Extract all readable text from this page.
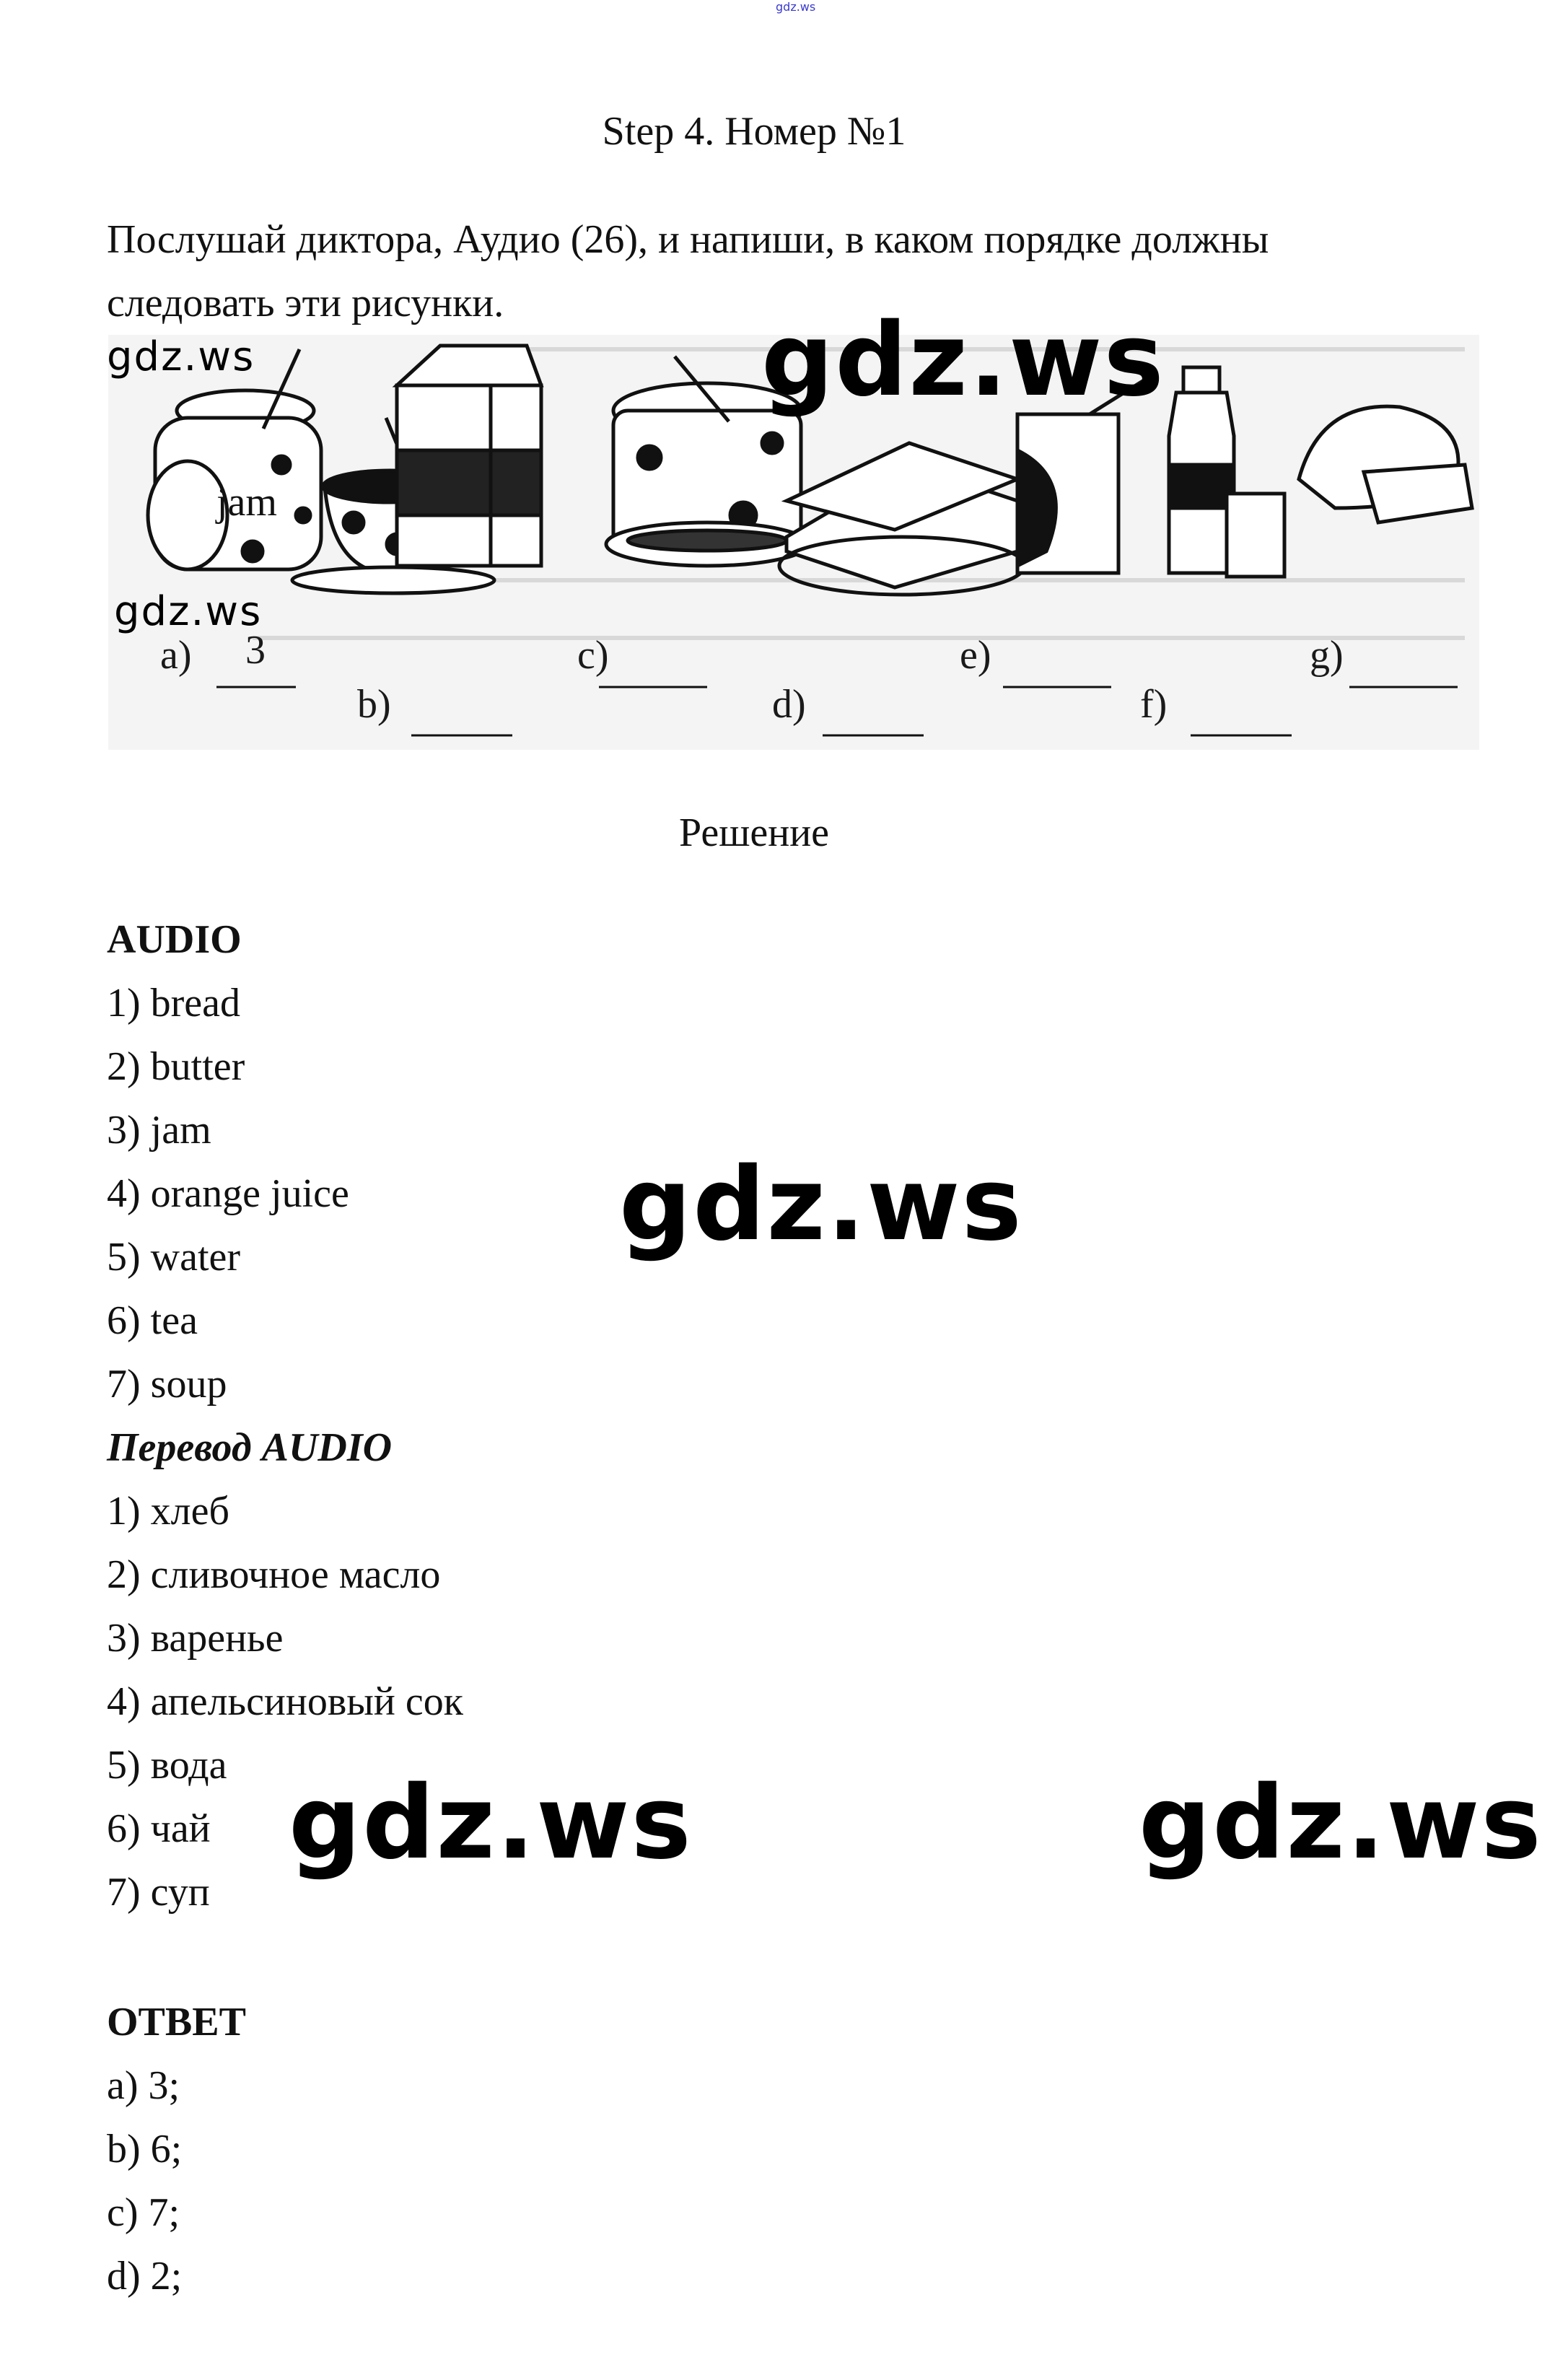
gdz.ws
Step 4. Номер №1
Послушай диктора, Аудио (26), и напиши, в каком порядке должны
следовать эти рисунки.
jam
a) 3	c)	e)	g)
b)	d)	f)
Решение
AUDIO
1) bread
2) butter
3) jam
4) orange juice
5) water
6) tea
7) soup
Перевод AUDIO
1) хлеб
2) сливочное масло
3) варенье
4) апельсиновый сок
5) вода
6) чай
7) суп
ОТВЕТ
a) 3;
b) 6;
c) 7;
d) 2;
gdz.ws
gdz.ws
gdz.ws
gdz.ws
gdz.ws	gdz.ws
